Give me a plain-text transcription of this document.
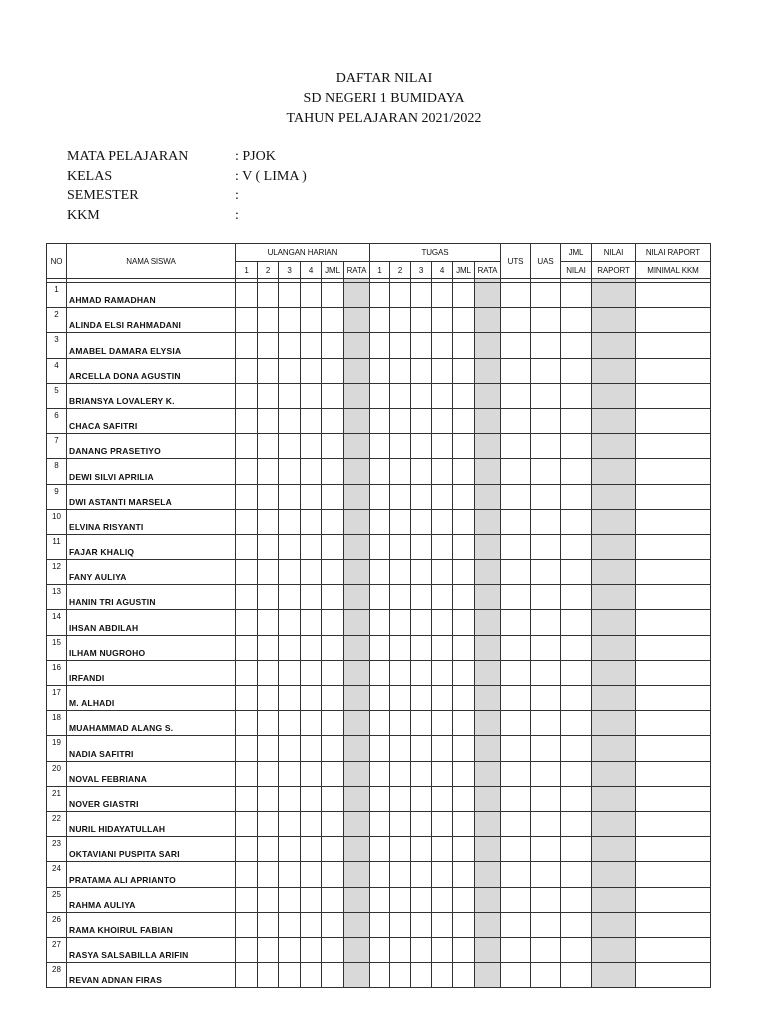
DAFTAR NILAI
SD NEGERI 1 BUMIDAYA
TAHUN PELAJARAN 2021/2022
MATA PELAJARAN	: PJOK
KELAS	: V ( LIMA )
SEMESTER	:
KKM	:
NO	NAMA SISWA	ULANGAN HARIAN						TUGAS						UTS	UAS	JML	NILAI	NILAI RAPORT
		1	2	3	4	JML	RATA	1	2	3	4	JML	RATA			NILAI	RAPORT	MINIMAL KKM

1	AHMAD RAMADHAN																	
2	ALINDA ELSI RAHMADANI																	
3	AMABEL DAMARA ELYSIA																	
4	ARCELLA DONA AGUSTIN																	
5	BRIANSYA LOVALERY K.																	
6	CHACA SAFITRI																	
7	DANANG PRASETIYO																	
8	DEWI SILVI APRILIA																	
9	DWI ASTANTI MARSELA																	
10	ELVINA RISYANTI																	
11	FAJAR KHALIQ																	
12	FANY AULIYA																	
13	HANIN TRI AGUSTIN																	
14	IHSAN ABDILAH																	
15	ILHAM NUGROHO																	
16	IRFANDI																	
17	M. ALHADI																	
18	MUAHAMMAD ALANG S.																	
19	NADIA SAFITRI																	
20	NOVAL FEBRIANA																	
21	NOVER GIASTRI																	
22	NURIL HIDAYATULLAH																	
23	OKTAVIANI PUSPITA SARI																	
24	PRATAMA ALI APRIANTO																	
25	RAHMA AULIYA																	
26	RAMA KHOIRUL FABIAN																	
27	RASYA SALSABILLA ARIFIN																	
28	REVAN ADNAN FIRAS																	
